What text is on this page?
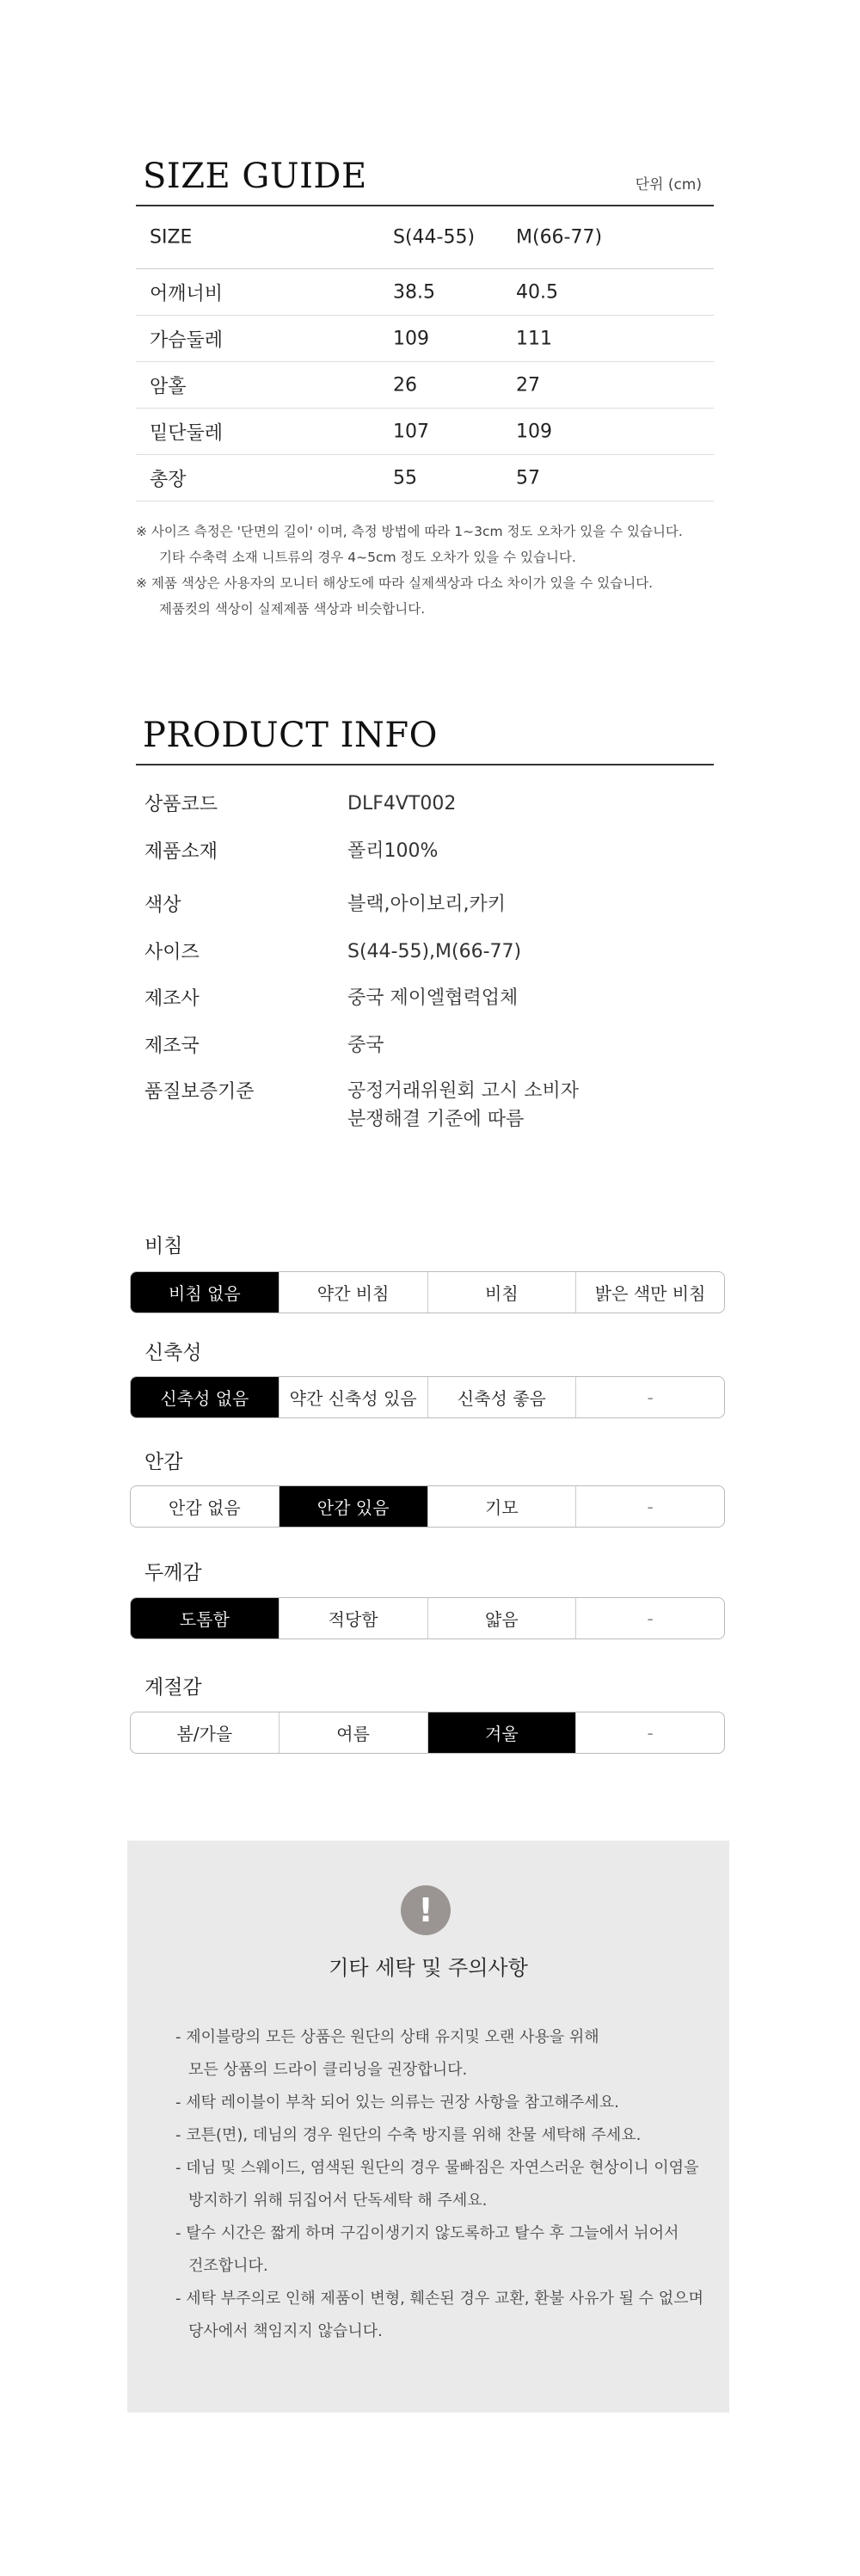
SIZE GUIDE	단위 (cm)
SIZE	S(44-55) M(66-77)
어깨너비	38.5	40.5
가슴둘레	109	111
암홀	26	27
밑단둘레	107	109
총장	55	57
※ 사이즈 측정은 '단면의 길이' 이며, 측정 방법에 따라 1~3cm 정도 오차가 있을 수 있습니다.
기타 수축력 소재 니트류의 경우 4~5cm 정도 오차가 있을 수 있습니다.
※ 제품 색상은 사용자의 모니터 해상도에 따라 실제색상과 다소 차이가 있을 수 있습니다.
제품컷의 색상이 실제제품 색상과 비슷합니다.
PRODUCT INFO
상품코드	DLF4VT002
제품소재	폴리100%
색상	블랙,아이보리,카키
사이즈	S(44-55),M(66-77)
제조사	중국 제이엘협력업체
제조국	중국
품질보증기준	공정거래위원회 고시 소비자
분쟁해결 기준에 따름
비침
비침 없음	약간 비침	비침	밝은 색만 비침
신축성
신축성 없음	약간 신축성 있음	신축성 좋음	-
안감
안감 없음	안감 있음	기모	-
두께감
도톰함	적당함	얇음	-
계절감
봄/가을	여름	겨울	-
!
기타 세탁 및 주의사항
- 제이블랑의 모든 상품은 원단의 상태 유지및 오랜 사용을 위해
모든 상품의 드라이 클리닝을 권장합니다.
- 세탁 레이블이 부착 되어 있는 의류는 권장 사항을 참고해주세요.
- 코튼(면), 데님의 경우 원단의 수축 방지를 위해 찬물 세탁해 주세요.
- 데님 및 스웨이드, 염색된 원단의 경우 물빠짐은 자연스러운 현상이니 이염을
방지하기 위해 뒤집어서 단독세탁 해 주세요.
- 탈수 시간은 짧게 하며 구김이생기지 않도록하고 탈수 후 그늘에서 뉘어서
건조합니다.
- 세탁 부주의로 인해 제품이 변형, 훼손된 경우 교환, 환불 사유가 될 수 없으며
당사에서 책임지지 않습니다.
